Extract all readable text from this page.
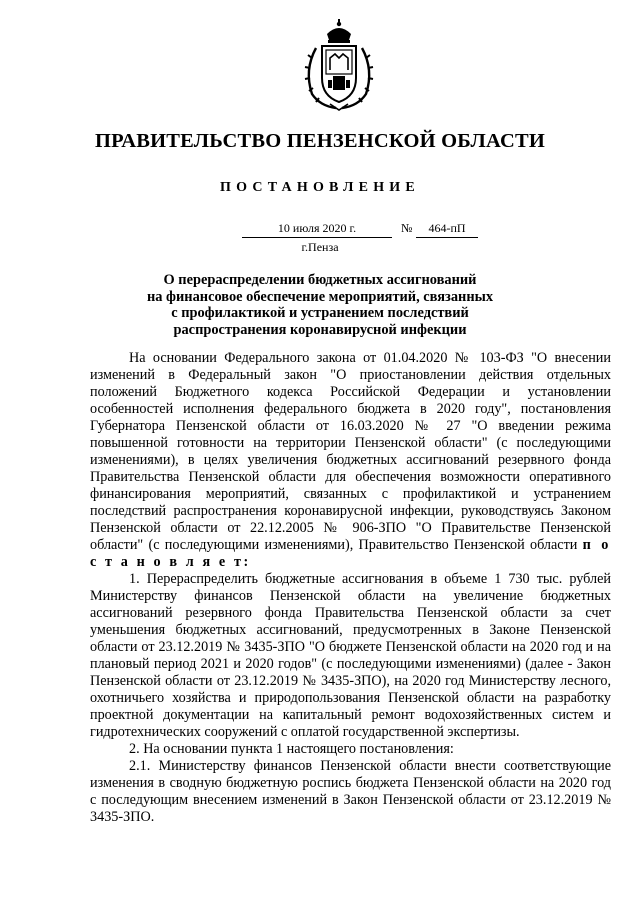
ПРАВИТЕЛЬСТВО ПЕНЗЕНСКОЙ ОБЛАСТИ
ПОСТАНОВЛЕНИЕ
10 июля 2020 г.	№	464-пП
г.Пенза
О перераспределении бюджетных ассигнований
на финансовое обеспечение мероприятий, связанных
с профилактикой и устранением последствий
распространения коронавирусной инфекции

На основании Федерального закона от 01.04.2020 № 103-ФЗ "О внесении изменений в Федеральный закон "О приостановлении действия отдельных положений Бюджетного кодекса Российской Федерации и установлении особенностей исполнения федерального бюджета в 2020 году", постановления Губернатора Пензенской области от 16.03.2020 № 27 "О введении режима повышенной готовности на территории Пензенской области" (с последующими изменениями), в целях увеличения бюджетных ассигнований резервного фонда Правительства Пензенской области для обеспечения возможности оперативного финансирования мероприятий, связанных с профилактикой и устранением последствий распространения коронавирусной инфекции, руководствуясь Законом Пензенской области от 22.12.2005 № 906-ЗПО "О Правительстве Пензенской области" (с последующими изменениями), Правительство Пензенской области п о с т а н о в л я е т:

1. Перераспределить бюджетные ассигнования в объеме 1 730 тыс. рублей Министерству финансов Пензенской области на увеличение бюджетных ассигнований резервного фонда Правительства Пензенской области за счет уменьшения бюджетных ассигнований, предусмотренных в Законе Пензенской области от 23.12.2019 № 3435-ЗПО "О бюджете Пензенской области на 2020 год и на плановый период 2021 и 2020 годов" (с последующими изменениями) (далее - Закон Пензенской области от 23.12.2019 № 3435-ЗПО), на 2020 год Министерству лесного, охотничьего хозяйства и природопользования Пензенской области на разработку проектной документации на капитальный ремонт водохозяйственных систем и гидротехнических сооружений с оплатой государственной экспертизы.

2. На основании пункта 1 настоящего постановления:

2.1. Министерству финансов Пензенской области внести соответствующие изменения в сводную бюджетную роспись бюджета Пензенской области на 2020 год с последующим внесением изменений в Закон Пензенской области от 23.12.2019 № 3435-ЗПО.
